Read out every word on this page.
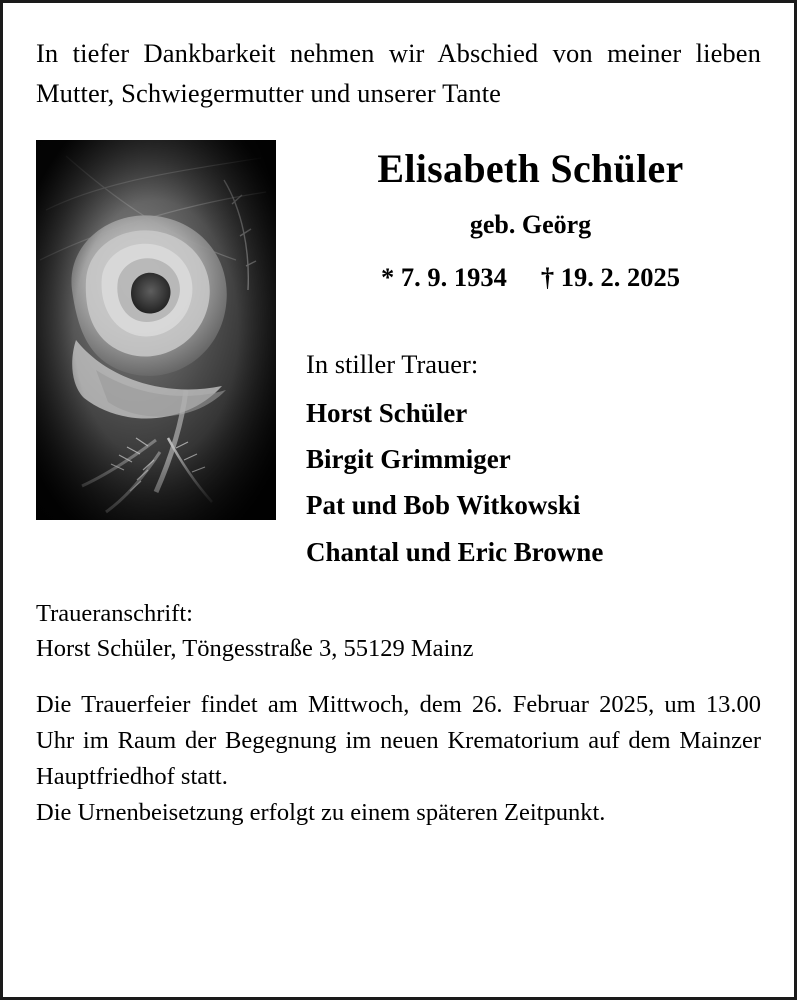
In tiefer Dankbarkeit nehmen wir Abschied von meiner lieben Mutter, Schwiegermutter und unserer Tante
Elisabeth Schüler
geb. Geörg
* 7. 9. 1934 † 19. 2. 2025
In stiller Trauer:
Horst Schüler
Birgit Grimmiger
Pat und Bob Witkowski
Chantal und Eric Browne
Traueranschrift:
Horst Schüler, Töngesstraße 3, 55129 Mainz
Die Trauerfeier findet am Mittwoch, dem 26. Februar 2025, um 13.00 Uhr im Raum der Begegnung im neuen Krematorium auf dem Mainzer Hauptfriedhof statt.
Die Urnenbeisetzung erfolgt zu einem späteren Zeitpunkt.
